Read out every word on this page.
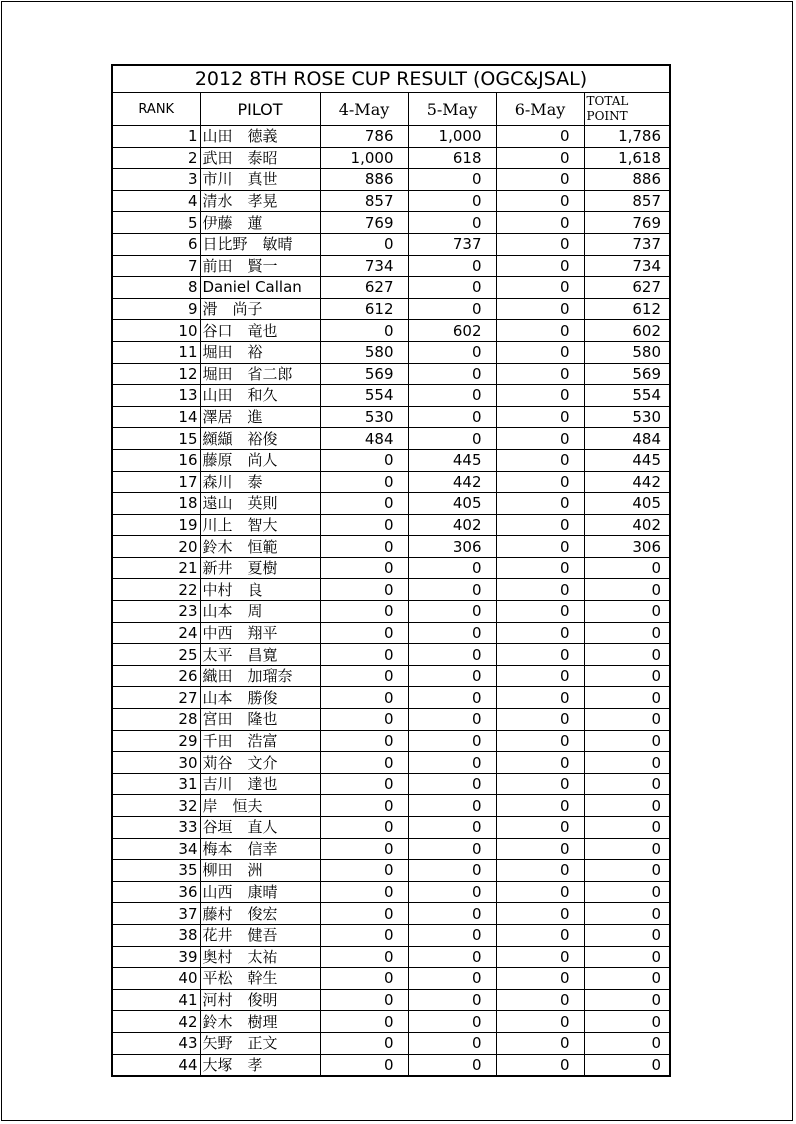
2012 8TH ROSE CUP RESULT (OGC&JSAL)					
RANK	PILOT	4-May	5-May	6-May	TOTAL
POINT
1	山田　徳義	786	1,000	0	1,786
2	武田　泰昭	1,000	618	0	1,618
3	市川　真世	886	0	0	886
4	清水　孝晃	857	0	0	857
5	伊藤　蓮	769	0	0	769
6	日比野　敏晴	0	737	0	737
7	前田　賢一	734	0	0	734
8	Daniel Callan	627	0	0	627
9	滑　尚子	612	0	0	612
10	谷口　竜也	0	602	0	602
11	堀田　裕	580	0	0	580
12	堀田　省二郎	569	0	0	569
13	山田　和久	554	0	0	554
14	澤居　進	530	0	0	530
15	纐纈　裕俊	484	0	0	484
16	藤原　尚人	0	445	0	445
17	森川　泰	0	442	0	442
18	遠山　英則	0	405	0	405
19	川上　智大	0	402	0	402
20	鈴木　恒範	0	306	0	306
21	新井　夏樹	0	0	0	0
22	中村　良	0	0	0	0
23	山本　周	0	0	0	0
24	中西　翔平	0	0	0	0
25	太平　昌寛	0	0	0	0
26	織田　加瑠奈	0	0	0	0
27	山本　勝俊	0	0	0	0
28	宮田　隆也	0	0	0	0
29	千田　浩富	0	0	0	0
30	苅谷　文介	0	0	0	0
31	吉川　達也	0	0	0	0
32	岸　恒夫	0	0	0	0
33	谷垣　直人	0	0	0	0
34	梅本　信幸	0	0	0	0
35	柳田　洲	0	0	0	0
36	山西　康晴	0	0	0	0
37	藤村　俊宏	0	0	0	0
38	花井　健吾	0	0	0	0
39	奥村　太祐	0	0	0	0
40	平松　幹生	0	0	0	0
41	河村　俊明	0	0	0	0
42	鈴木　樹理	0	0	0	0
43	矢野　正文	0	0	0	0
44	大塚　孝	0	0	0	0
